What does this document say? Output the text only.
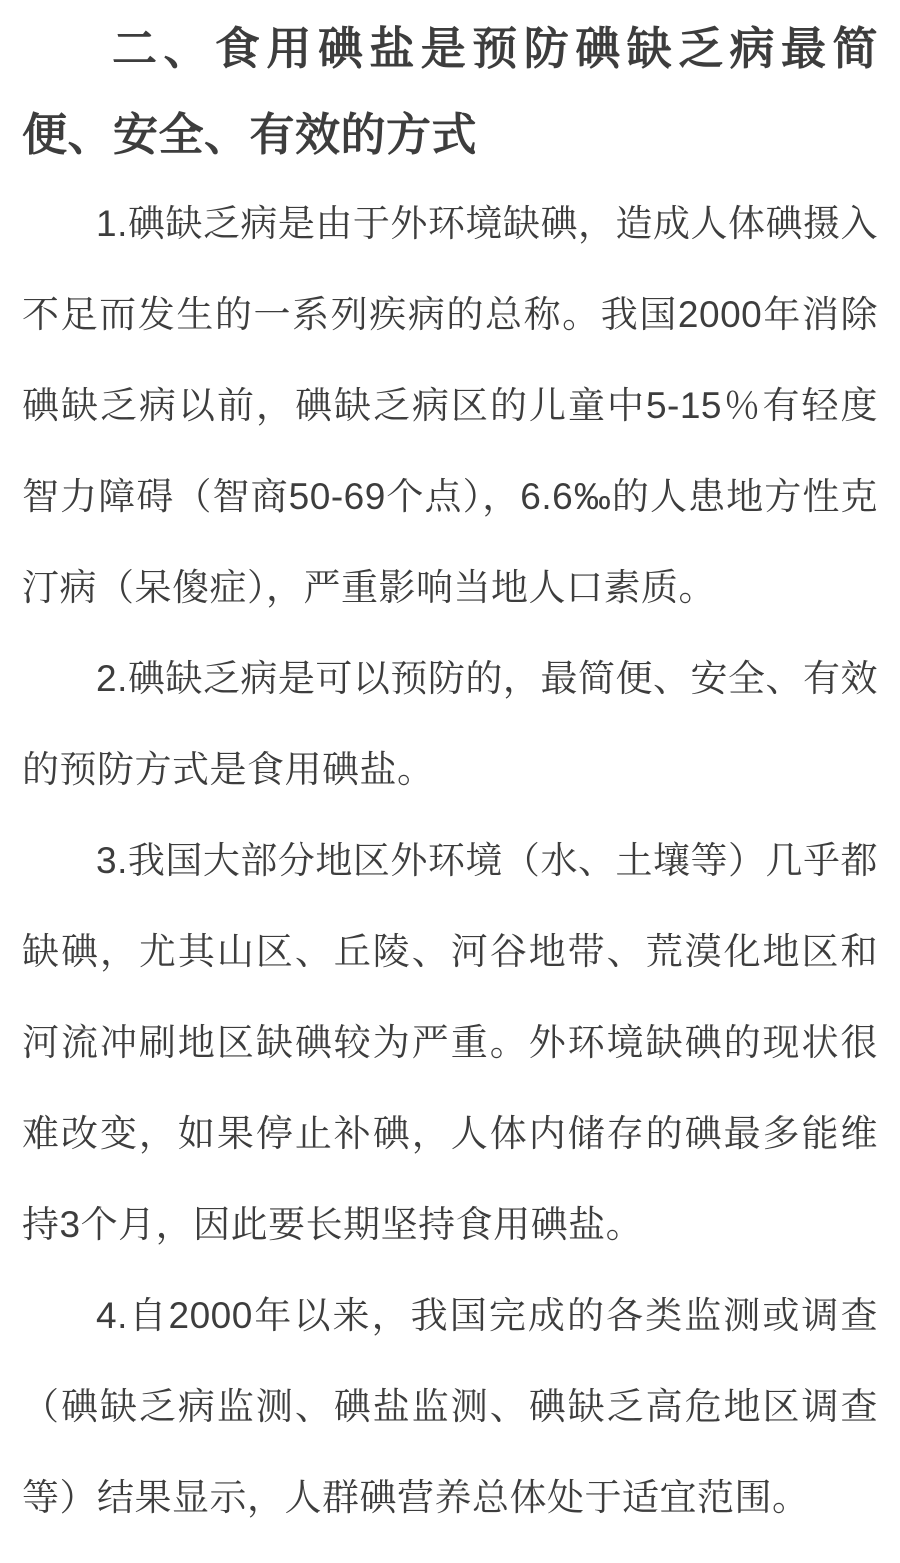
二、食用碘盐是预防碘缺乏病最简便、安全、有效的方式

1.碘缺乏病是由于外环境缺碘，造成人体碘摄入不足而发生的一系列疾病的总称。我国2000年消除碘缺乏病以前，碘缺乏病区的儿童中5-15％有轻度智力障碍（智商50-69个点），6.6‰的人患地方性克汀病（呆傻症），严重影响当地人口素质。

2.碘缺乏病是可以预防的，最简便、安全、有效的预防方式是食用碘盐。

3.我国大部分地区外环境（水、土壤等）几乎都缺碘，尤其山区、丘陵、河谷地带、荒漠化地区和河流冲刷地区缺碘较为严重。外环境缺碘的现状很难改变，如果停止补碘，人体内储存的碘最多能维持3个月，因此要长期坚持食用碘盐。

4.自2000年以来，我国完成的各类监测或调查（碘缺乏病监测、碘盐监测、碘缺乏高危地区调查等）结果显示，人群碘营养总体处于适宜范围。
